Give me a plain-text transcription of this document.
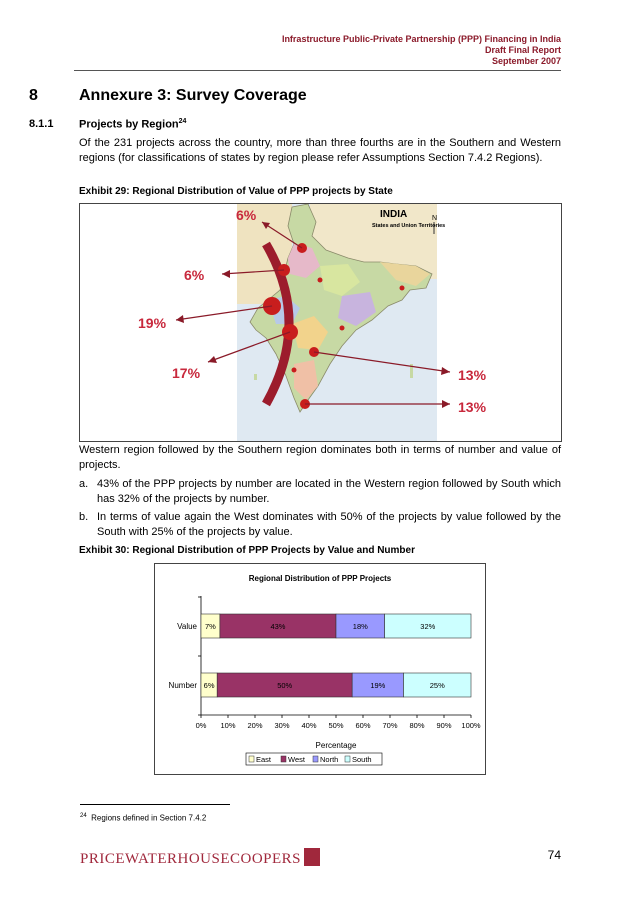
Infrastructure Public-Private Partnership (PPP) Financing in India
Draft Final Report
September 2007
8	Annexure 3: Survey Coverage
8.1.1 Projects by Region$^{24}$
Of the 231 projects across the country, more than three fourths are in the Southern and Western regions (for classifications of states by region please refer Assumptions Section 7.4.2 Regions).
Exhibit 29: Regional Distribution of Value of PPP projects by State
INDIA
States and Union Territories
N
6%
6%
19%
17%	13%
13%
Western region followed by the Southern region dominates both in terms of number and value of projects.
a. 43% of the PPP projects by number are located in the Western region followed by South which has 32% of the projects by number.
b. In terms of value again the West dominates with 50% of the projects by value followed by the South with 25% of the projects by value.
Exhibit 30: Regional Distribution of PPP Projects by Value and Number
Regional Distribution of PPP Projects
Value 7%	43%	18%	32%
Number 6%	50%	19%	25%
0% 10% 20% 30% 40% 50% 60% 70% 80% 90% 100%
Percentage
East West North South
$^{24}$ Regions defined in Section 7.4.2
PRICEWATERHOUSECOOPERS	74
